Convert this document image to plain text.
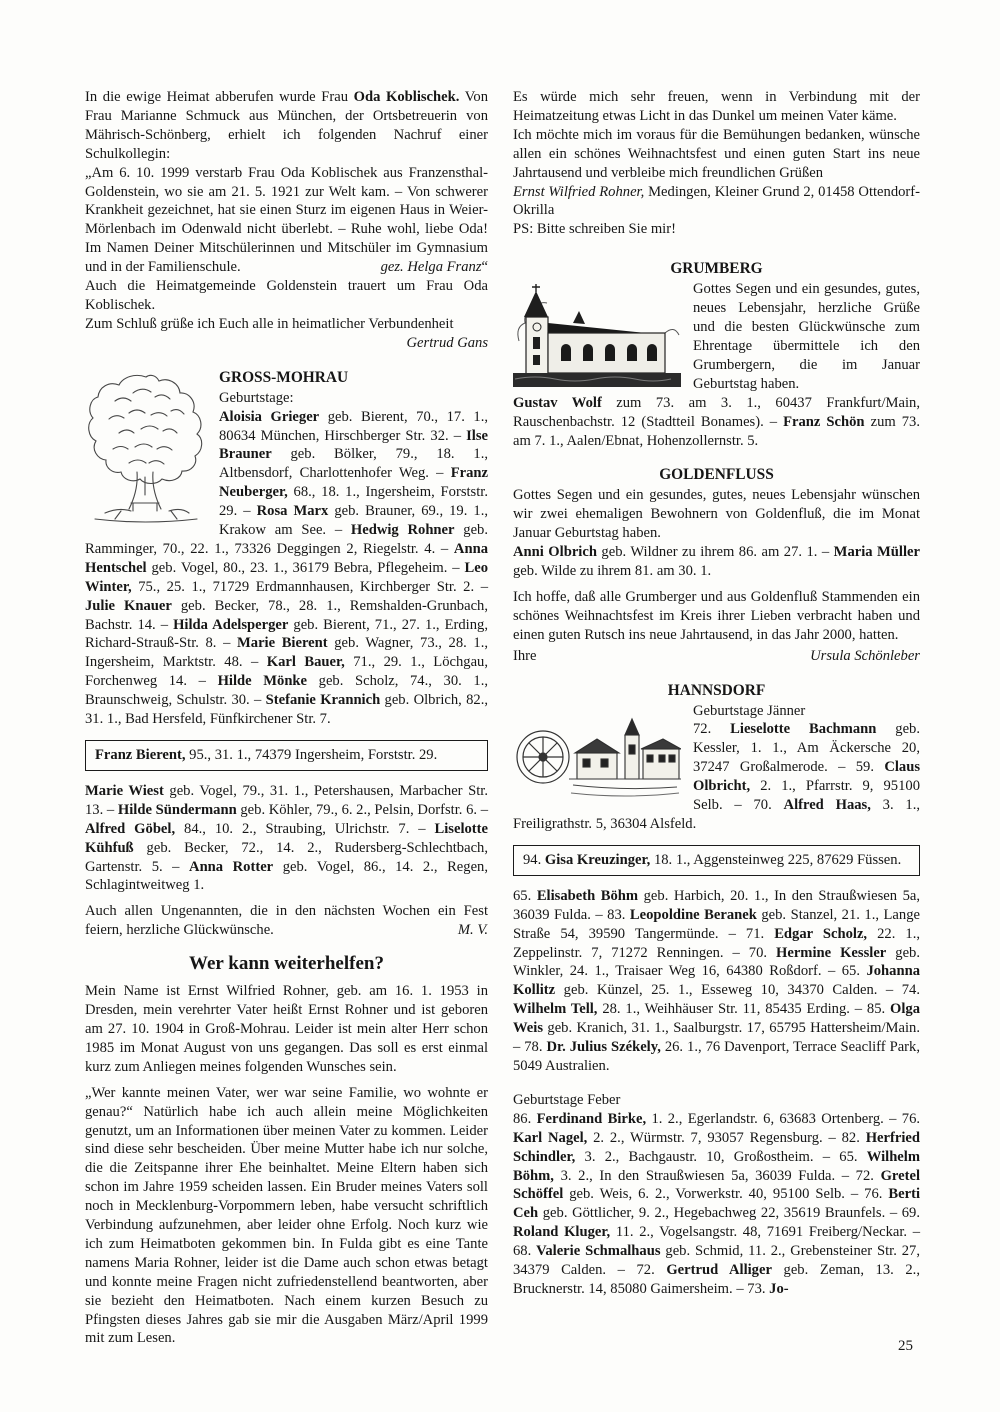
In die ewige Heimat abberufen wurde Frau Oda Koblischek. Von Frau Marianne Schmuck aus München, der Ortsbetreuerin von Mährisch-Schönberg, erhielt ich folgenden Nachruf einer Schulkollegin:

„Am 6. 10. 1999 verstarb Frau Oda Koblischek aus Franzensthal-Goldenstein, wo sie am 21. 5. 1921 zur Welt kam. – Von schwerer Krankheit gezeichnet, hat sie einen Sturz im eigenen Haus in Weier-Mörlenbach im Odenwald nicht überlebt. – Ruhe wohl, liebe Oda! Im Namen Deiner Mitschülerinnen und Mitschüler im Gymnasium und in der Familienschule.	gez. Helga Franz“

Auch die Heimatgemeinde Goldenstein trauert um Frau Oda Koblischek.

Zum Schluß grüße ich Euch alle in heimatlicher Verbundenheit

Gertrud Gans

GROSS-MOHRAU

Geburtstage:

Aloisia Grieger geb. Bierent, 70., 17. 1., 80634 München, Hirschberger Str. 32. – Ilse Brauner geb. Bölker, 79., 18. 1., Altbensdorf, Charlottenhofer Weg. – Franz Neuberger, 68., 18. 1., Ingersheim, Forststr. 29. – Rosa Marx geb. Brauner, 69., 19. 1., Krakow am See. – Hedwig Rohner geb. Ramminger, 70., 22. 1., 73326 Deggingen 2, Riegelstr. 4. – Anna Hentschel geb. Vogel, 80., 23. 1., 36179 Bebra, Pflegeheim. – Leo Winter, 75., 25. 1., 71729 Erdmannhausen, Kirchberger Str. 2. – Julie Knauer geb. Becker, 78., 28. 1., Remshalden-Grunbach, Bachstr. 14. – Hilda Adelsperger geb. Bierent, 71., 27. 1., Erding, Richard-Strauß-Str. 8. – Marie Bierent geb. Wagner, 73., 28. 1., Ingersheim, Marktstr. 48. – Karl Bauer, 71., 29. 1., Löchgau, Forchenweg 14. – Hilde Mönke geb. Scholz, 74., 30. 1., Braunschweig, Schulstr. 30. – Stefanie Krannich geb. Olbrich, 82., 31. 1., Bad Hersfeld, Fünfkirchener Str. 7.

Franz Bierent, 95., 31. 1., 74379 Ingersheim, Forststr. 29.

Marie Wiest geb. Vogel, 79., 31. 1., Petershausen, Marbacher Str. 13. – Hilde Sündermann geb. Köhler, 79., 6. 2., Pelsin, Dorfstr. 6. – Alfred Göbel, 84., 10. 2., Straubing, Ulrichstr. 7. – Liselotte Kühfuß geb. Becker, 72., 14. 2., Rudersberg-Schlechtbach, Gartenstr. 5. – Anna Rotter geb. Vogel, 86., 14. 2., Regen, Schlagintweitweg 1.

Auch allen Ungenannten, die in den nächsten Wochen ein Fest feiern, herzliche Glückwünsche.	M. V.

Wer kann weiterhelfen?

Mein Name ist Ernst Wilfried Rohner, geb. am 16. 1. 1953 in Dresden, mein verehrter Vater heißt Ernst Rohner und ist geboren am 27. 10. 1904 in Groß-Mohrau. Leider ist mein alter Herr schon 1985 im Monat August von uns gegangen. Das soll es erst einmal kurz zum Anliegen meines folgenden Wunsches sein.

„Wer kannte meinen Vater, wer war seine Familie, wo wohnte er genau?“ Natürlich habe ich auch allein meine Möglichkeiten genutzt, um an Informationen über meinen Vater zu kommen. Leider sind diese sehr bescheiden. Über meine Mutter habe ich nur solche, die die Zeitspanne ihrer Ehe beinhaltet. Meine Eltern haben sich schon im Jahre 1959 scheiden lassen. Ein Bruder meines Vaters soll noch in Mecklenburg-Vorpommern leben, habe versucht schriftlich Verbindung aufzunehmen, aber leider ohne Erfolg. Noch kurz wie ich zum Heimatboten gekommen bin. In Fulda gibt es eine Tante namens Maria Rohner, leider ist die Dame auch schon etwas betagt und konnte meine Fragen nicht zufriedenstellend beantworten, aber sie bezieht den Heimatboten. Nach einem kurzen Besuch zu Pfingsten dieses Jahres gab sie mir die Ausgaben März/April 1999 mit zum Lesen.

Es würde mich sehr freuen, wenn in Verbindung mit der Heimatzeitung etwas Licht in das Dunkel um meinen Vater käme.

Ich möchte mich im voraus für die Bemühungen bedanken, wünsche allen ein schönes Weihnachtsfest und einen guten Start ins neue Jahrtausend und verbleibe mich freundlichen Grüßen

Ernst Wilfried Rohner, Medingen, Kleiner Grund 2, 01458 Ottendorf-Okrilla

PS: Bitte schreiben Sie mir!

GRUMBERG

Gottes Segen und ein gesundes, gutes, neues Lebensjahr, herzliche Grüße und die besten Glückwünsche zum Ehrentage übermittele ich den Grumbergern, die im Januar Geburtstag haben.

Gustav Wolf zum 73. am 3. 1., 60437 Frankfurt/Main, Rauschenbachstr. 12 (Stadtteil Bonames). – Franz Schön zum 73. am 7. 1., Aalen/Ebnat, Hohenzollernstr. 5.

GOLDENFLUSS

Gottes Segen und ein gesundes, gutes, neues Lebensjahr wünschen wir zwei ehemaligen Bewohnern von Goldenfluß, die im Monat Januar Geburtstag haben.

Anni Olbrich geb. Wildner zu ihrem 86. am 27. 1. – Maria Müller geb. Wilde zu ihrem 81. am 30. 1.

Ich hoffe, daß alle Grumberger und aus Goldenfluß Stammenden ein schönes Weihnachtsfest im Kreis ihrer Lieben verbracht haben und einen guten Rutsch ins neue Jahrtausend, in das Jahr 2000, hatten.

Ihre	Ursula Schönleber
HANNSDORF

Geburtstage Jänner

72. Lieselotte Bachmann geb. Kessler, 1. 1., Am Äckersche 20, 37247 Großalmerode. – 59. Claus Olbricht, 2. 1., Pfarrstr. 9, 95100 Selb. – 70. Alfred Haas, 3. 1., Freiligrathstr. 5, 36304 Alsfeld.

94. Gisa Kreuzinger, 18. 1., Aggensteinweg 225, 87629 Füssen.

65. Elisabeth Böhm geb. Harbich, 20. 1., In den Straußwiesen 5a, 36039 Fulda. – 83. Leopoldine Beranek geb. Stanzel, 21. 1., Lange Straße 54, 39590 Tangermünde. – 71. Edgar Scholz, 22. 1., Zeppelinstr. 7, 71272 Renningen. – 70. Hermine Kessler geb. Winkler, 24. 1., Traisaer Weg 16, 64380 Roßdorf. – 65. Johanna Kollitz geb. Künzel, 25. 1., Esseweg 10, 34370 Calden. – 74. Wilhelm Tell, 28. 1., Weihhäuser Str. 11, 85435 Erding. – 85. Olga Weis geb. Kranich, 31. 1., Saalburgstr. 17, 65795 Hattersheim/Main. – 78. Dr. Julius Székely, 26. 1., 76 Davenport, Terrace Seacliff Park, 5049 Australien.

Geburtstage Feber

86. Ferdinand Birke, 1. 2., Egerlandstr. 6, 63683 Ortenberg. – 76. Karl Nagel, 2. 2., Würmstr. 7, 93057 Regensburg. – 82. Herfried Schindler, 3. 2., Bachgaustr. 10, Großostheim. – 65. Wilhelm Böhm, 3. 2., In den Straußwiesen 5a, 36039 Fulda. – 72. Gretel Schöffel geb. Weis, 6. 2., Vorwerkstr. 40, 95100 Selb. – 76. Berti Ceh geb. Göttlicher, 9. 2., Hegebachweg 22, 35619 Braunfels. – 69. Roland Kluger, 11. 2., Vogelsangstr. 48, 71691 Freiberg/Neckar. – 68. Valerie Schmalhaus geb. Schmid, 11. 2., Grebensteiner Str. 27, 34379 Calden. – 72. Gertrud Alliger geb. Zeman, 13. 2., Brucknerstr. 14, 85080 Gaimersheim. – 73. Jo-

25
